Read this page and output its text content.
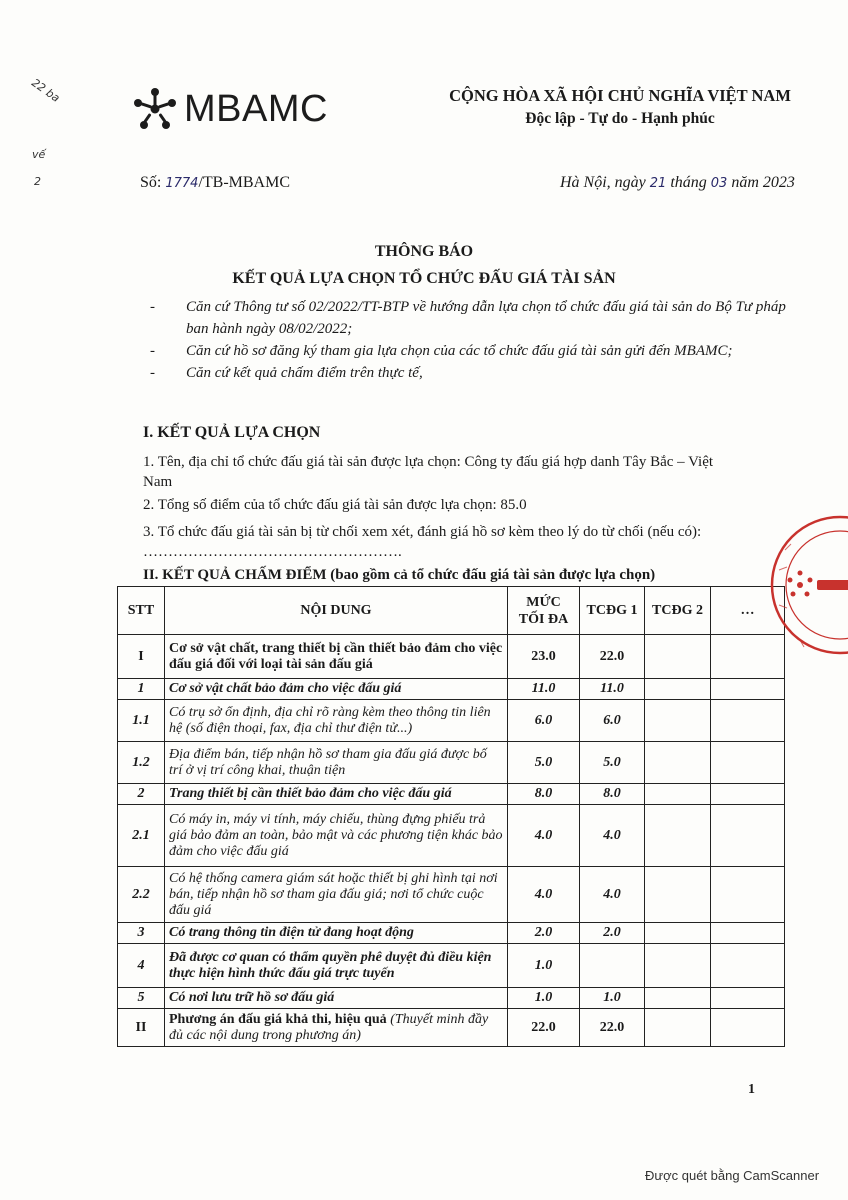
22 ba
vế
2
MBAMC	CỘNG HÒA XÃ HỘI CHỦ NGHĨA VIỆT NAM
Độc lập - Tự do - Hạnh phúc
Số: 1774/TB-MBAMC	Hà Nội, ngày 21 tháng 03 năm 2023
THÔNG BÁO
KẾT QUẢ LỰA CHỌN TỔ CHỨC ĐẤU GIÁ TÀI SẢN
-	Căn cứ Thông tư số 02/2022/TT-BTP về hướng dẫn lựa chọn tổ chức đấu giá tài sản do Bộ Tư pháp ban hành ngày 08/02/2022;
-	Căn cứ hồ sơ đăng ký tham gia lựa chọn của các tổ chức đấu giá tài sản gửi đến MBAMC;
-	Căn cứ kết quả chấm điểm trên thực tế,
I. KẾT QUẢ LỰA CHỌN
1. Tên, địa chỉ tổ chức đấu giá tài sản được lựa chọn: Công ty đấu giá hợp danh Tây Bắc – Việt Nam
2. Tổng số điểm của tổ chức đấu giá tài sản được lựa chọn: 85.0
3. Tổ chức đấu giá tài sản bị từ chối xem xét, đánh giá hồ sơ kèm theo lý do từ chối (nếu có): …………………………………………….
II. KẾT QUẢ CHẤM ĐIỂM (bao gồm cả tổ chức đấu giá tài sản được lựa chọn)
STT	NỘI DUNG	MỨC TỐI ĐA	TCĐG 1	TCĐG 2	…
I	Cơ sở vật chất, trang thiết bị cần thiết bảo đảm cho việc đấu giá đối với loại tài sản đấu giá	23.0	22.0		
1	Cơ sở vật chất bảo đảm cho việc đấu giá	11.0	11.0		
1.1	Có trụ sở ổn định, địa chỉ rõ ràng kèm theo thông tin liên hệ (số điện thoại, fax, địa chỉ thư điện tử...)	6.0	6.0		
1.2	Địa điểm bán, tiếp nhận hồ sơ tham gia đấu giá được bố trí ở vị trí công khai, thuận tiện	5.0	5.0		
2	Trang thiết bị cần thiết bảo đảm cho việc đấu giá	8.0	8.0		
2.1	Có máy in, máy vi tính, máy chiếu, thùng đựng phiếu trả giá bảo đảm an toàn, bảo mật và các phương tiện khác bảo đảm cho việc đấu giá	4.0	4.0		
2.2	Có hệ thống camera giám sát hoặc thiết bị ghi hình tại nơi bán, tiếp nhận hồ sơ tham gia đấu giá; nơi tổ chức cuộc đấu giá	4.0	4.0		
3	Có trang thông tin điện tử đang hoạt động	2.0	2.0		
4	Đã được cơ quan có thẩm quyền phê duyệt đủ điều kiện thực hiện hình thức đấu giá trực tuyến	1.0			
5	Có nơi lưu trữ hồ sơ đấu giá	1.0	1.0		
II	Phương án đấu giá khả thi, hiệu quả (Thuyết minh đầy đủ các nội dung trong phương án)	22.0	22.0		
1
Được quét bằng CamScanner
